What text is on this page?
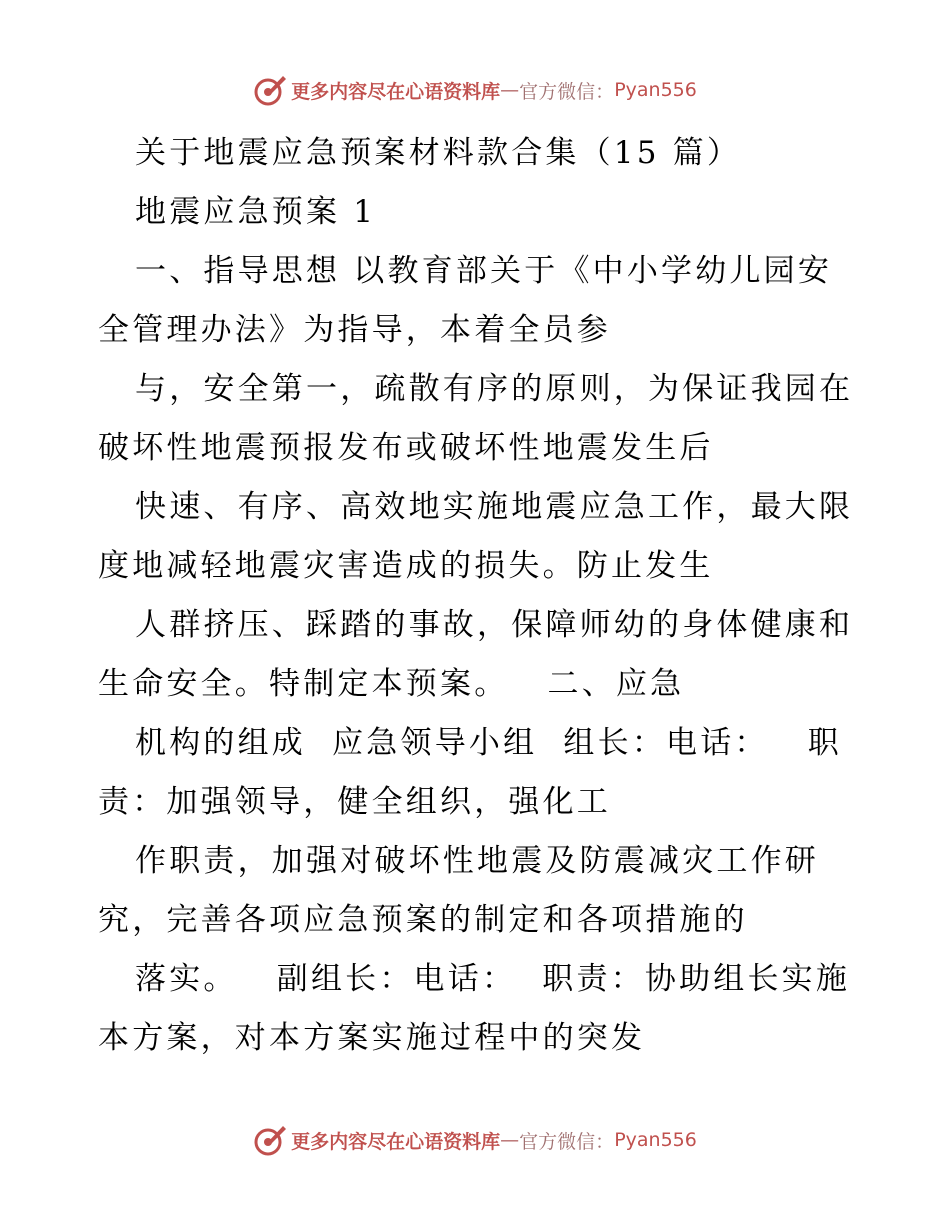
更多内容尽在心语资料库 — 官方微信： Pyan556
关于地震应急预案材料款合集（15 篇）
地震应急预案 1
一、指导思想 以教育部关于《中小学幼儿园安
全管理办法》为指导，本着全员参
与，安全第一，疏散有序的原则，为保证我园在
破坏性地震预报发布或破坏性地震发生后
快速、有序、高效地实施地震应急工作，最大限
度地减轻地震灾害造成的损失。防止发生
人群挤压、踩踏的事故，保障师幼的身体健康和
生命安全。特制定本预案。   二、应急
机构的组成  应急领导小组  组长：电话：   职
责：加强领导，健全组织，强化工
作职责，加强对破坏性地震及防震减灾工作研
究，完善各项应急预案的制定和各项措施的
落实。   副组长：电话：  职责：协助组长实施
本方案，对本方案实施过程中的突发
更多内容尽在心语资料库 — 官方微信： Pyan556
